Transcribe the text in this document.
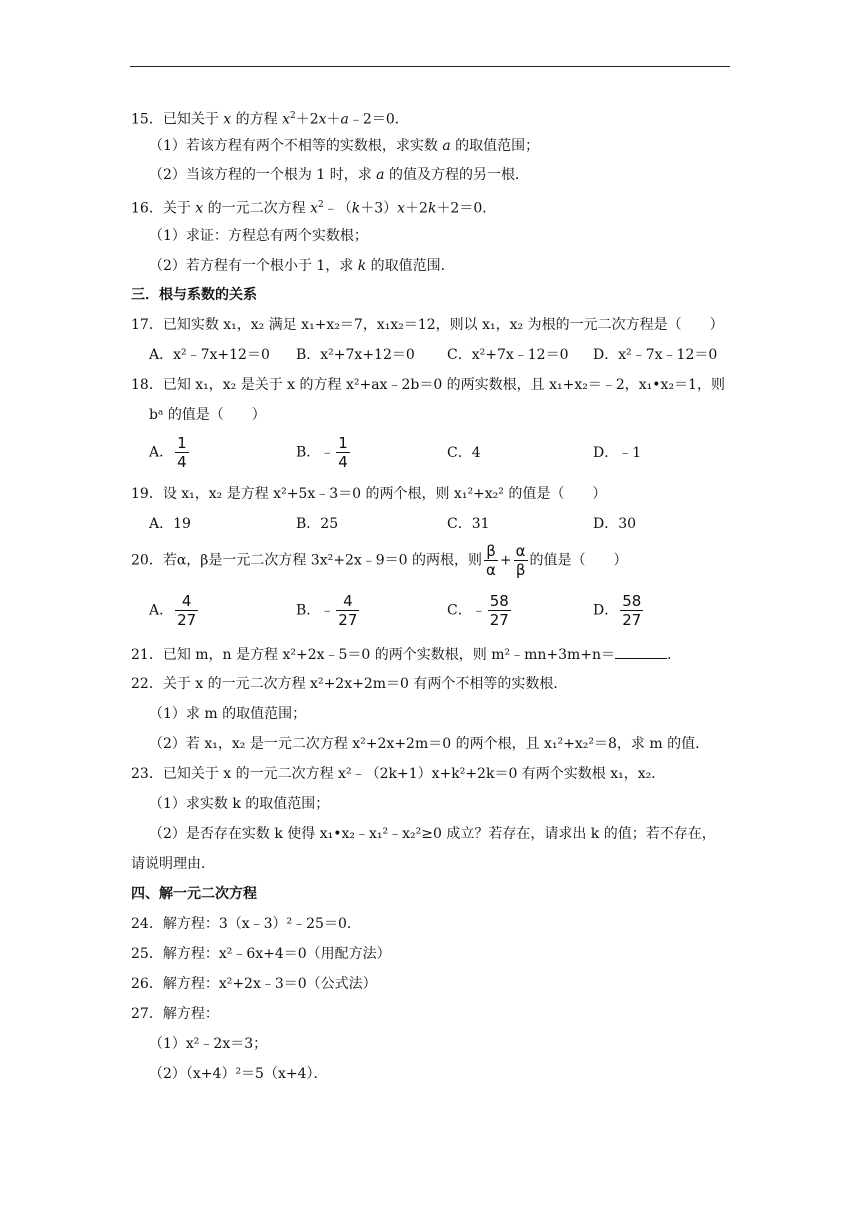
15．已知关于 x 的方程 $x^2+2x+a﹣2=0$．
（1）若该方程有两个不相等的实数根，求实数 a 的取值范围；
（2）当该方程的一个根为 1 时，求 a 的值及方程的另一根．
16．关于 x 的一元二次方程 $x^2﹣(k+3)x+2k+2=0$．
（1）求证：方程总有两个实数根；
（2）若方程有一个根小于 1，求 k 的取值范围．
三．根与系数的关系
17．已知实数 x₁，x₂ 满足 x₁+x₂＝7，x₁x₂＝12，则以 x₁，x₂ 为根的一元二次方程是（　　）
A．x²﹣7x+12＝0 B．x²+7x+12＝0 C．x²+7x﹣12＝0 D．x²﹣7x﹣12＝0
18．已知 x₁，x₂ 是关于 x 的方程 x²+ax﹣2b＝0 的两实数根，且 x₁+x₂＝﹣2，x₁•x₂＝1，则
bᵃ 的值是（　　）
A． $\frac{1}{4}$	B．﹣ $\frac{1}{4}$	C．4	D．﹣1
19．设 x₁，x₂ 是方程 x²+5x﹣3＝0 的两个根，则 x₁²+x₂² 的值是（　　）
A．19	B．25	C．31	D．30
20．若α，β是一元二次方程 3x²+2x﹣9＝0 的两根，则 $\frac{\beta}{\alpha} + \frac{\alpha}{\beta}$ 的值是（　　）
A． $\frac{4}{27}$	B．﹣ $\frac{4}{27}$	C．﹣ $\frac{58}{27}$	D． $\frac{58}{27}$
21．已知 m，n 是方程 x²+2x﹣5＝0 的两个实数根，则 m²﹣mn+3m+n＝	．
22．关于 x 的一元二次方程 x²+2x+2m＝0 有两个不相等的实数根．
（1）求 m 的取值范围；
（2）若 x₁，x₂ 是一元二次方程 x²+2x+2m＝0 的两个根，且 x₁²+x₂²＝8，求 m 的值．
23．已知关于 x 的一元二次方程 x²﹣（2k+1）x+k²+2k＝0 有两个实数根 x₁，x₂．
（1）求实数 k 的取值范围；
（2）是否存在实数 k 使得 x₁•x₂﹣x₁²﹣x₂²≥0 成立？若存在，请求出 k 的值；若不存在，
请说明理由．
四、解一元二次方程
24．解方程：3（x﹣3）²﹣25＝0．
25．解方程：x²﹣6x+4＝0（用配方法）
26．解方程：x²+2x﹣3＝0（公式法）
27．解方程：
（1）x²﹣2x＝3；
（2）（x+4）²＝5（x+4）．
